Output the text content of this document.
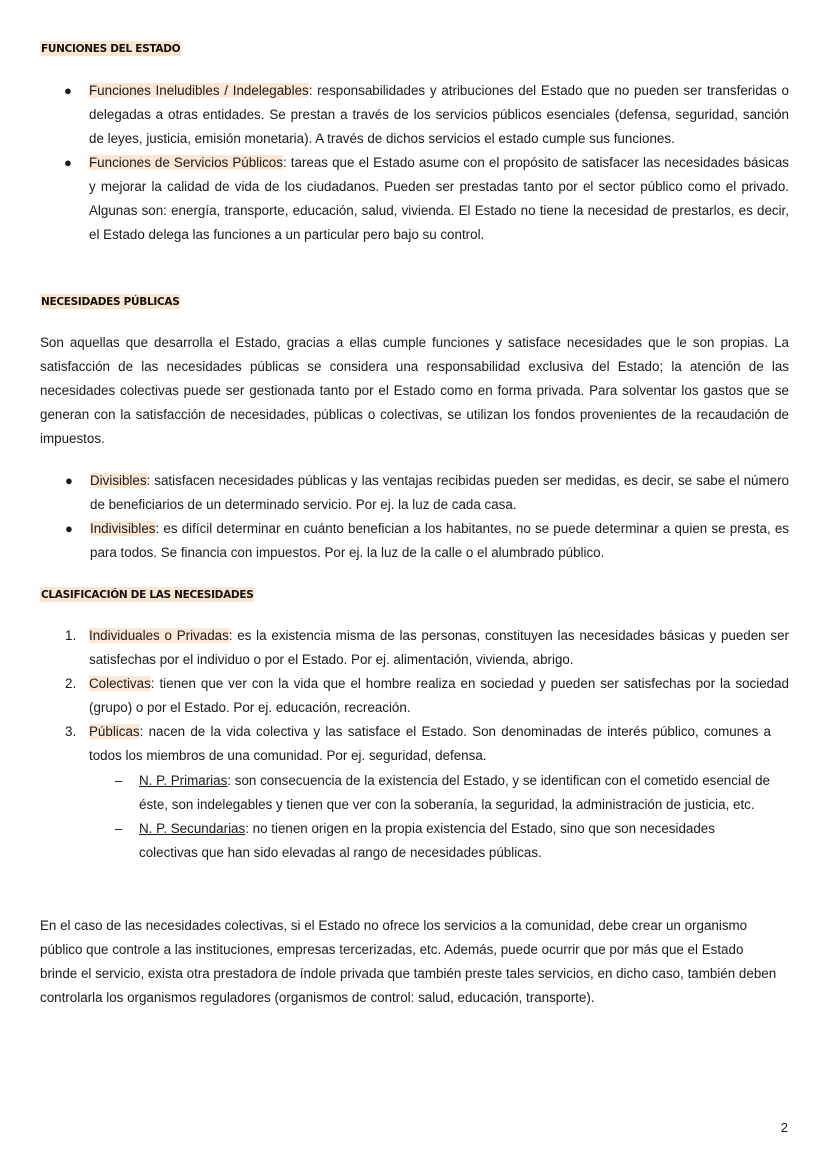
FUNCIONES DEL ESTADO
● Funciones Ineludibles / Indelegables: responsabilidades y atribuciones del Estado que no pueden ser transferidas o delegadas a otras entidades. Se prestan a través de los servicios públicos esenciales (defensa, seguridad, sanción de leyes, justicia, emisión monetaria). A través de dichos servicios el estado cumple sus funciones.
● Funciones de Servicios Públicos: tareas que el Estado asume con el propósito de satisfacer las necesidades básicas y mejorar la calidad de vida de los ciudadanos. Pueden ser prestadas tanto por el sector público como el privado. Algunas son: energía, transporte, educación, salud, vivienda. El Estado no tiene la necesidad de prestarlos, es decir, el Estado delega las funciones a un particular pero bajo su control.
NECESIDADES PÚBLICAS

Son aquellas que desarrolla el Estado, gracias a ellas cumple funciones y satisface necesidades que le son propias. La satisfacción de las necesidades públicas se considera una responsabilidad exclusiva del Estado; la atención de las necesidades colectivas puede ser gestionada tanto por el Estado como en forma privada. Para solventar los gastos que se generan con la satisfacción de necesidades, públicas o colectivas, se utilizan los fondos provenientes de la recaudación de impuestos.

● Divisibles: satisfacen necesidades públicas y las ventajas recibidas pueden ser medidas, es decir, se sabe el número de beneficiarios de un determinado servicio. Por ej. la luz de cada casa.
● Indivisibles: es difícil determinar en cuánto benefician a los habitantes, no se puede determinar a quien se presta, es para todos. Se financia con impuestos. Por ej. la luz de la calle o el alumbrado público.
CLASIFICACIÓN DE LAS NECESIDADES
1. Individuales o Privadas: es la existencia misma de las personas, constituyen las necesidades básicas y pueden ser satisfechas por el individuo o por el Estado. Por ej. alimentación, vivienda, abrigo.
2. Colectivas: tienen que ver con la vida que el hombre realiza en sociedad y pueden ser satisfechas por la sociedad (grupo) o por el Estado. Por ej. educación, recreación.
3. Públicas: nacen de la vida colectiva y las satisface el Estado. Son denominadas de interés público, comunes a todos los miembros de una comunidad. Por ej. seguridad, defensa.
– N. P. Primarias: son consecuencia de la existencia del Estado, y se identifican con el cometido esencial de éste, son indelegables y tienen que ver con la soberanía, la seguridad, la administración de justicia, etc.
– N. P. Secundarias: no tienen origen en la propia existencia del Estado, sino que son necesidades colectivas que han sido elevadas al rango de necesidades públicas.

En el caso de las necesidades colectivas, si el Estado no ofrece los servicios a la comunidad, debe crear un organismo público que controle a las instituciones, empresas tercerizadas, etc. Además, puede ocurrir que por más que el Estado brinde el servicio, exista otra prestadora de índole privada que también preste tales servicios, en dicho caso, también deben controlarla los organismos reguladores (organismos de control: salud, educación, transporte).

2
